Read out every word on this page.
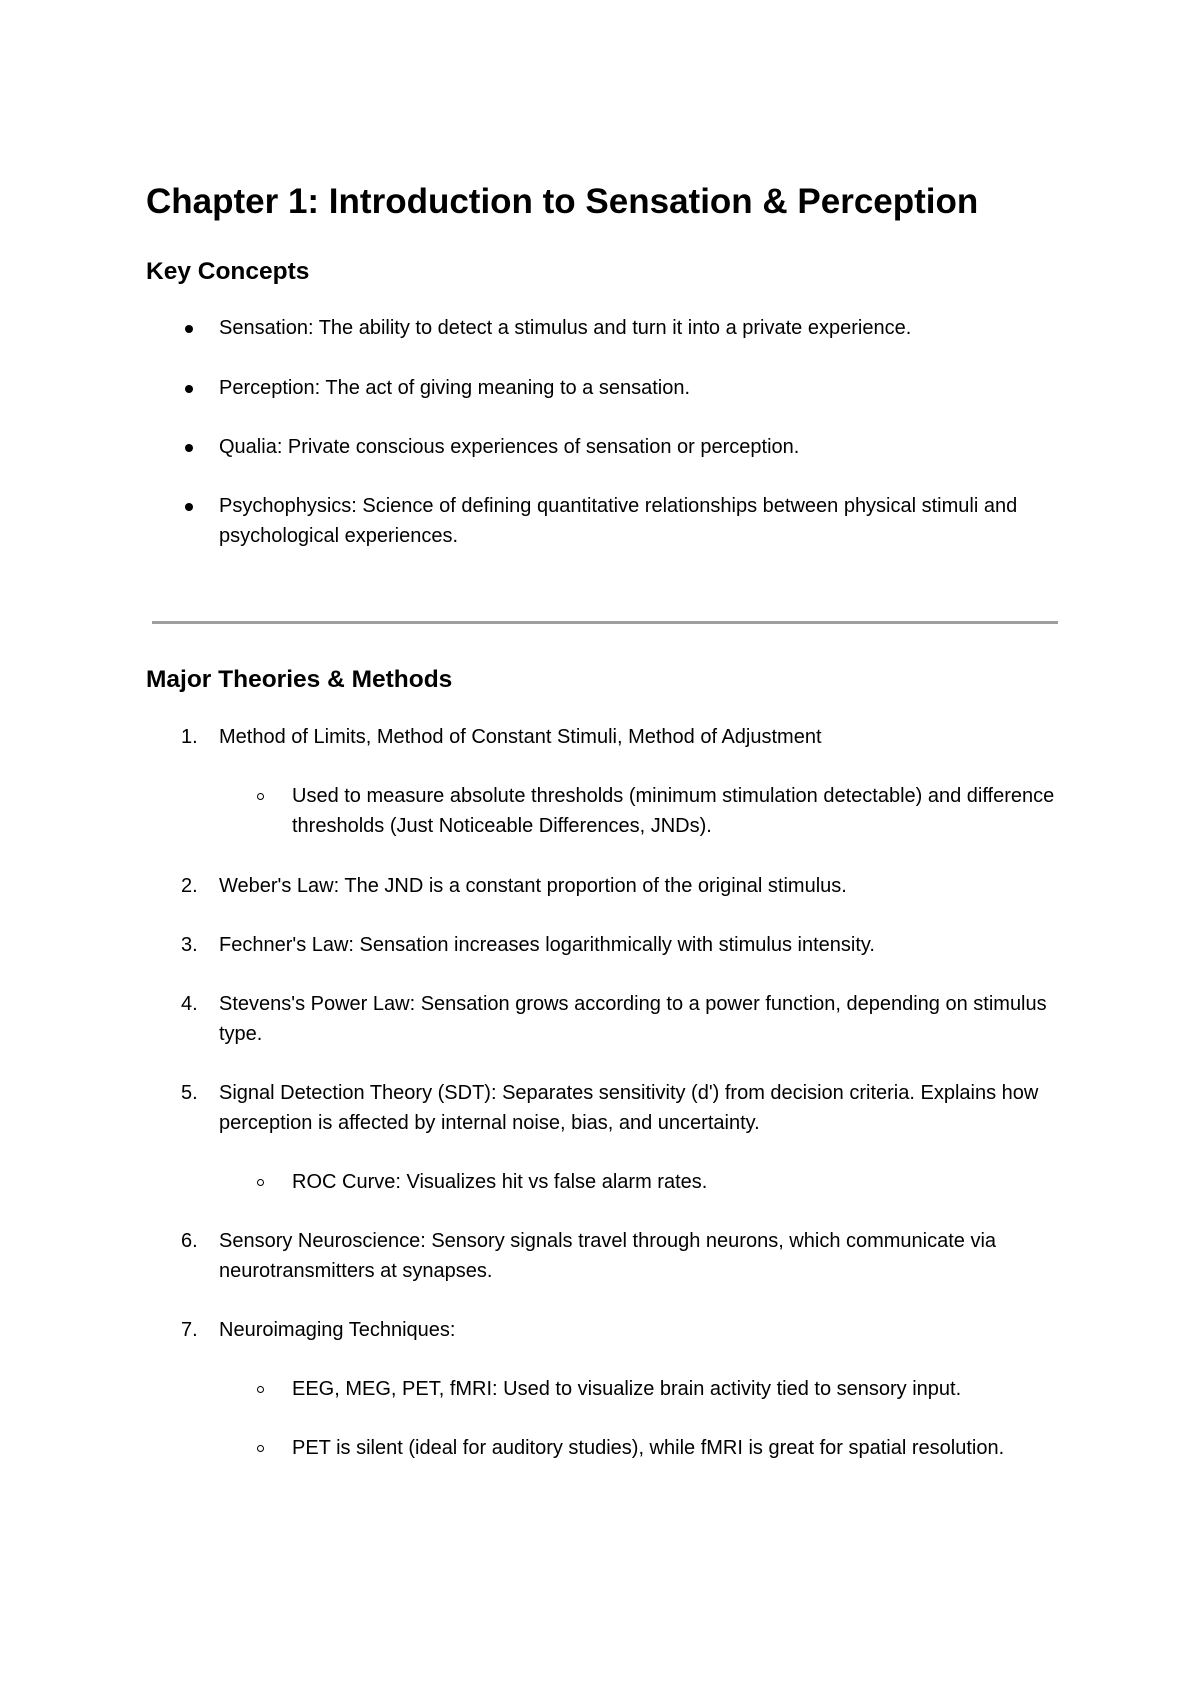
Chapter 1: Introduction to Sensation & Perception
Key Concepts

Sensation: The ability to detect a stimulus and turn it into a private experience.

Perception: The act of giving meaning to a sensation.

Qualia: Private conscious experiences of sensation or perception.

Psychophysics: Science of defining quantitative relationships between physical stimuli and psychological experiences.

Major Theories & Methods
1. Method of Limits, Method of Constant Stimuli, Method of Adjustment

Used to measure absolute thresholds (minimum stimulation detectable) and difference thresholds (Just Noticeable Differences, JNDs).

2. Weber's Law: The JND is a constant proportion of the original stimulus.

3. Fechner's Law: Sensation increases logarithmically with stimulus intensity.

4. Stevens's Power Law: Sensation grows according to a power function, depending on stimulus type.

5. Signal Detection Theory (SDT): Separates sensitivity (d') from decision criteria. Explains how perception is affected by internal noise, bias, and uncertainty.

ROC Curve: Visualizes hit vs false alarm rates.

6. Sensory Neuroscience: Sensory signals travel through neurons, which communicate via neurotransmitters at synapses.

7. Neuroimaging Techniques:

EEG, MEG, PET, fMRI: Used to visualize brain activity tied to sensory input.

PET is silent (ideal for auditory studies), while fMRI is great for spatial resolution.
